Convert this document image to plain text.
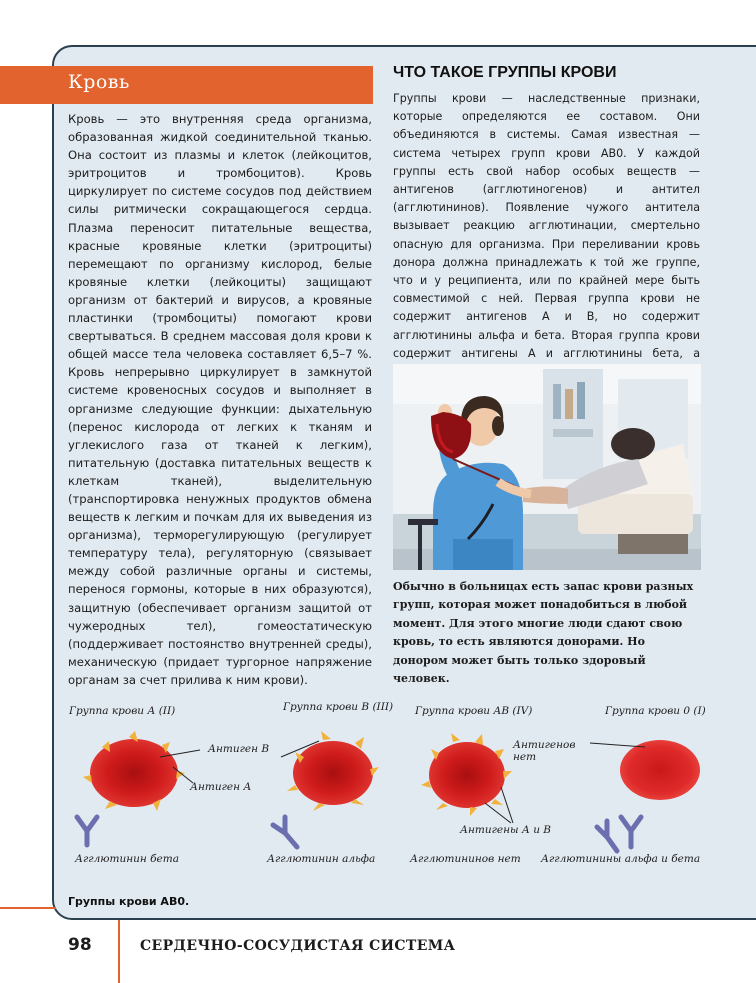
Кровь

Кровь — это внутренняя среда организма, образованная жидкой соединительной тканью. Она состоит из плазмы и клеток (лейкоцитов, эритроцитов и тромбоцитов). Кровь циркулирует по системе сосудов под действием силы ритмически сокращающегося сердца. Плазма переносит питательные вещества, красные кровяные клетки (эритроциты) перемещают по организму кислород, белые кровяные клетки (лейкоциты) защищают организм от бактерий и вирусов, а кровяные пластинки (тромбоциты) помогают крови свертываться. В среднем массовая доля крови к общей массе тела человека составляет 6,5–7 %. Кровь непрерывно циркулирует в замкнутой системе кровеносных сосудов и выполняет в организме следующие функции: дыхательную (перенос кислорода от легких к тканям и углекислого газа от тканей к легким), питательную (доставка питательных веществ к клеткам тканей), выделительную (транспортировка ненужных продуктов обмена веществ к легким и почкам для их выведения из организма), терморегулирующую (регулирует температуру тела), регуляторную (связывает между собой различные органы и системы, перенося гормоны, которые в них образуются), защитную (обеспечивает организм защитой от чужеродных тел), гомеостатическую (поддерживает постоянство внутренней среды), механическую (придает тургорное напряжение органам за счет прилива к ним крови).

ЧТО ТАКОЕ ГРУППЫ КРОВИ

Группы крови — наследственные признаки, которые определяются ее составом. Они объединяются в системы. Самая известная — система четырех групп крови АВ0. У каждой группы есть свой набор особых веществ — антигенов (агглютиногенов) и антител (агглютининов). Появление чужого антитела вызывает реакцию агглютинации, смертельно опасную для организма. При переливании кровь донора должна принадлежать к той же группе, что и у реципиента, или по крайней мере быть совместимой с ней. Первая группа крови не содержит антигенов А и В, но содержит агглютинины альфа и бета. Вторая группа крови содержит антигены А и агглютинины бета, а

Обычно в больницах есть запас крови разных групп, которая может понадобиться в любой момент. Для этого многие люди сдают свою кровь, то есть являются донорами. Но донором может быть только здоровый человек.

Группа крови А (II)	Группа крови В (III) Группа крови АВ (IV)	Группа крови 0 (I)
Антиген В
Антиген А
Антигенов нет
Антигены А и В
Агглютинин бета	Агглютинин альфа	Агглютининов нет Агглютинины альфа и бета
Группы крови АВ0.
98	СЕРДЕЧНО-СОСУДИСТАЯ СИСТЕМА
